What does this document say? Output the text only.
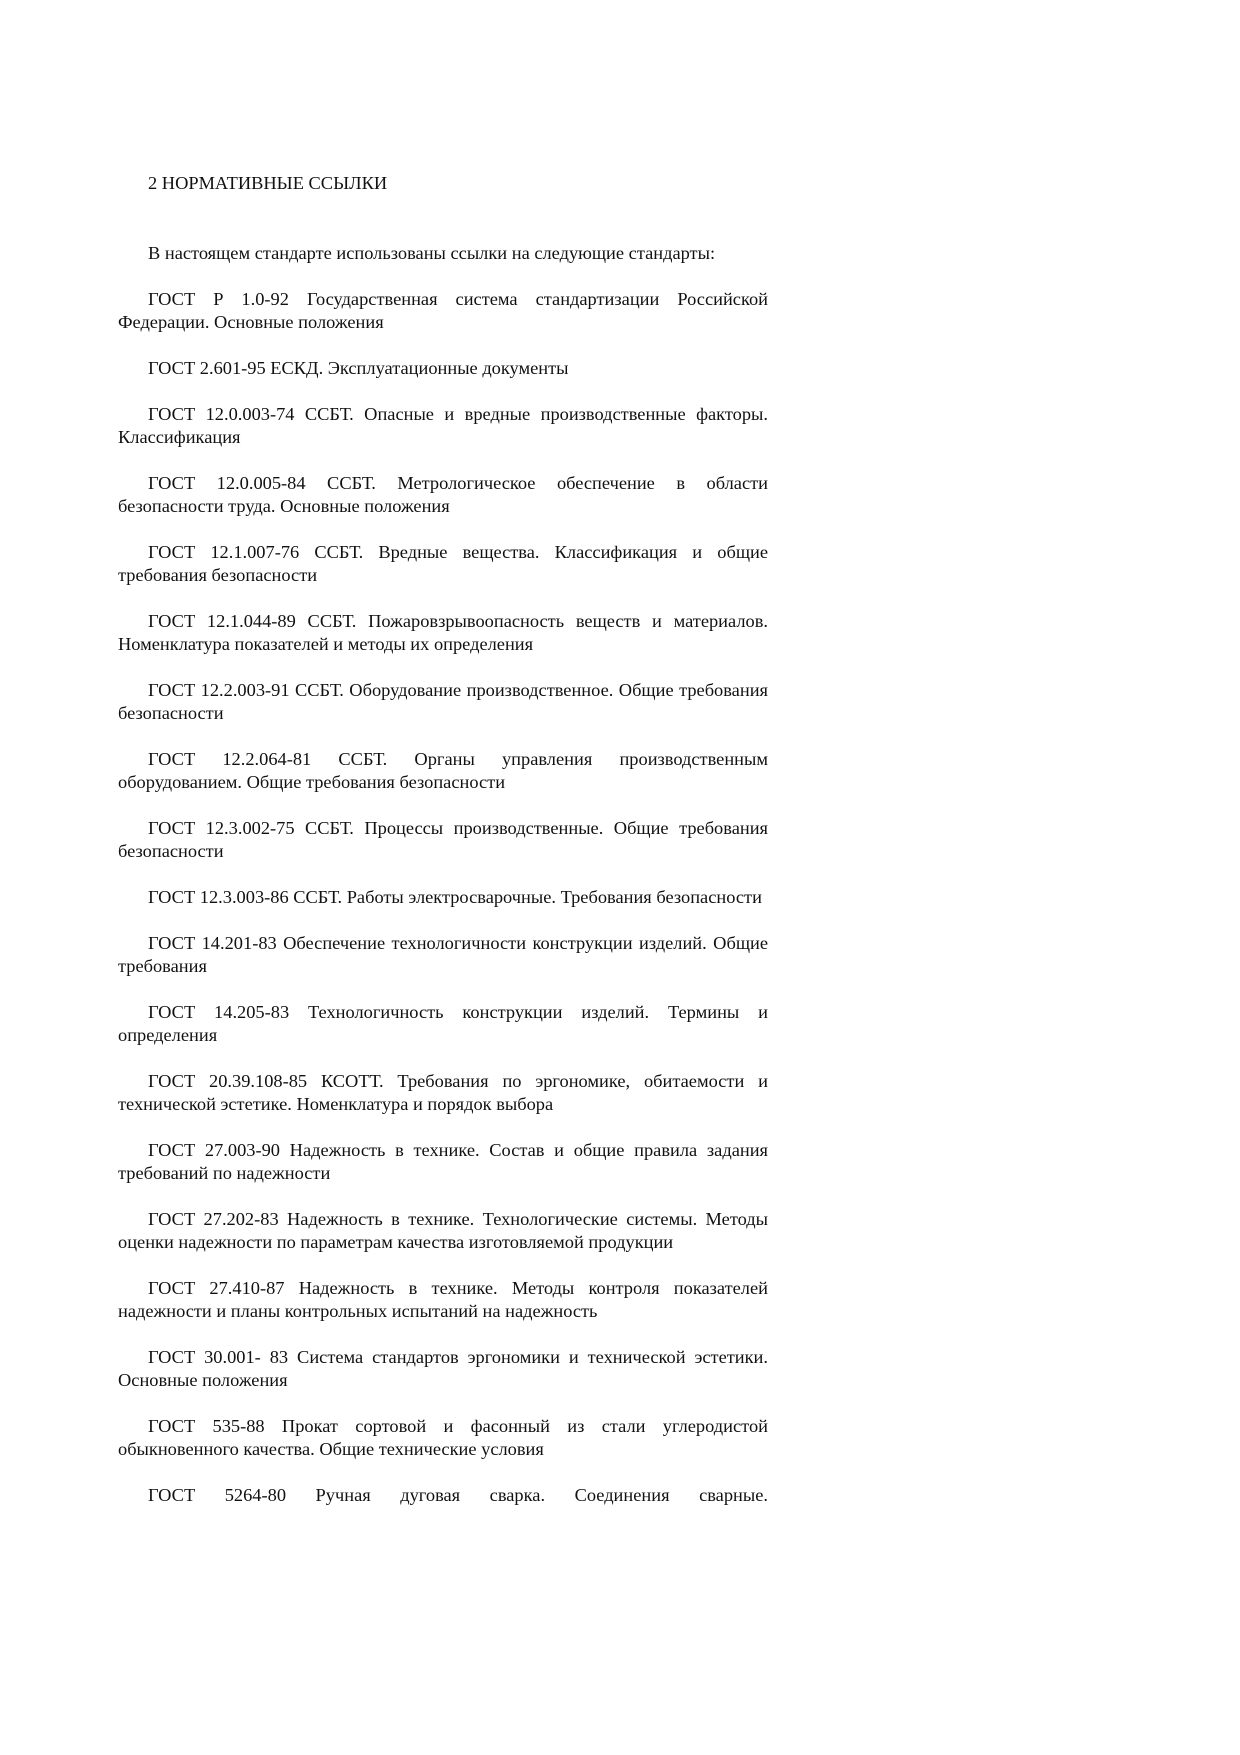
2 НОРМАТИВНЫЕ ССЫЛКИ

В настоящем стандарте использованы ссылки на следующие стандарты:

ГОСТ Р 1.0-92 Государственная система стандартизации Российской Федерации. Основные положения

ГОСТ 2.601-95 ЕСКД. Эксплуатационные документы

ГОСТ 12.0.003-74 ССБТ. Опасные и вредные производственные факторы. Классификация

ГОСТ 12.0.005-84 ССБТ. Метрологическое обеспечение в области безопасности труда. Основные положения

ГОСТ 12.1.007-76 ССБТ. Вредные вещества. Классификация и общие требования безопасности

ГОСТ 12.1.044-89 ССБТ. Пожаровзрывоопасность веществ и материалов. Номенклатура показателей и методы их определения

ГОСТ 12.2.003-91 ССБТ. Оборудование производственное. Общие требования безопасности

ГОСТ 12.2.064-81 ССБТ. Органы управления производственным оборудованием. Общие требования безопасности

ГОСТ 12.3.002-75 ССБТ. Процессы производственные. Общие требования безопасности

ГОСТ 12.3.003-86 ССБТ. Работы электросварочные. Требования безопасности

ГОСТ 14.201-83 Обеспечение технологичности конструкции изделий. Общие требования

ГОСТ 14.205-83 Технологичность конструкции изделий. Термины и определения

ГОСТ 20.39.108-85 КСОТТ. Требования по эргономике, обитаемости и технической эстетике. Номенклатура и порядок выбора

ГОСТ 27.003-90 Надежность в технике. Состав и общие правила задания требований по надежности

ГОСТ 27.202-83 Надежность в технике. Технологические системы. Методы оценки надежности по параметрам качества изготовляемой продукции

ГОСТ 27.410-87 Надежность в технике. Методы контроля показателей надежности и планы контрольных испытаний на надежность

ГОСТ 30.001- 83 Система стандартов эргономики и технической эстетики. Основные положения

ГОСТ 535-88 Прокат сортовой и фасонный из стали углеродистой обыкновенного качества. Общие технические условия

ГОСТ 5264-80 Ручная дуговая сварка. Соединения сварные.
